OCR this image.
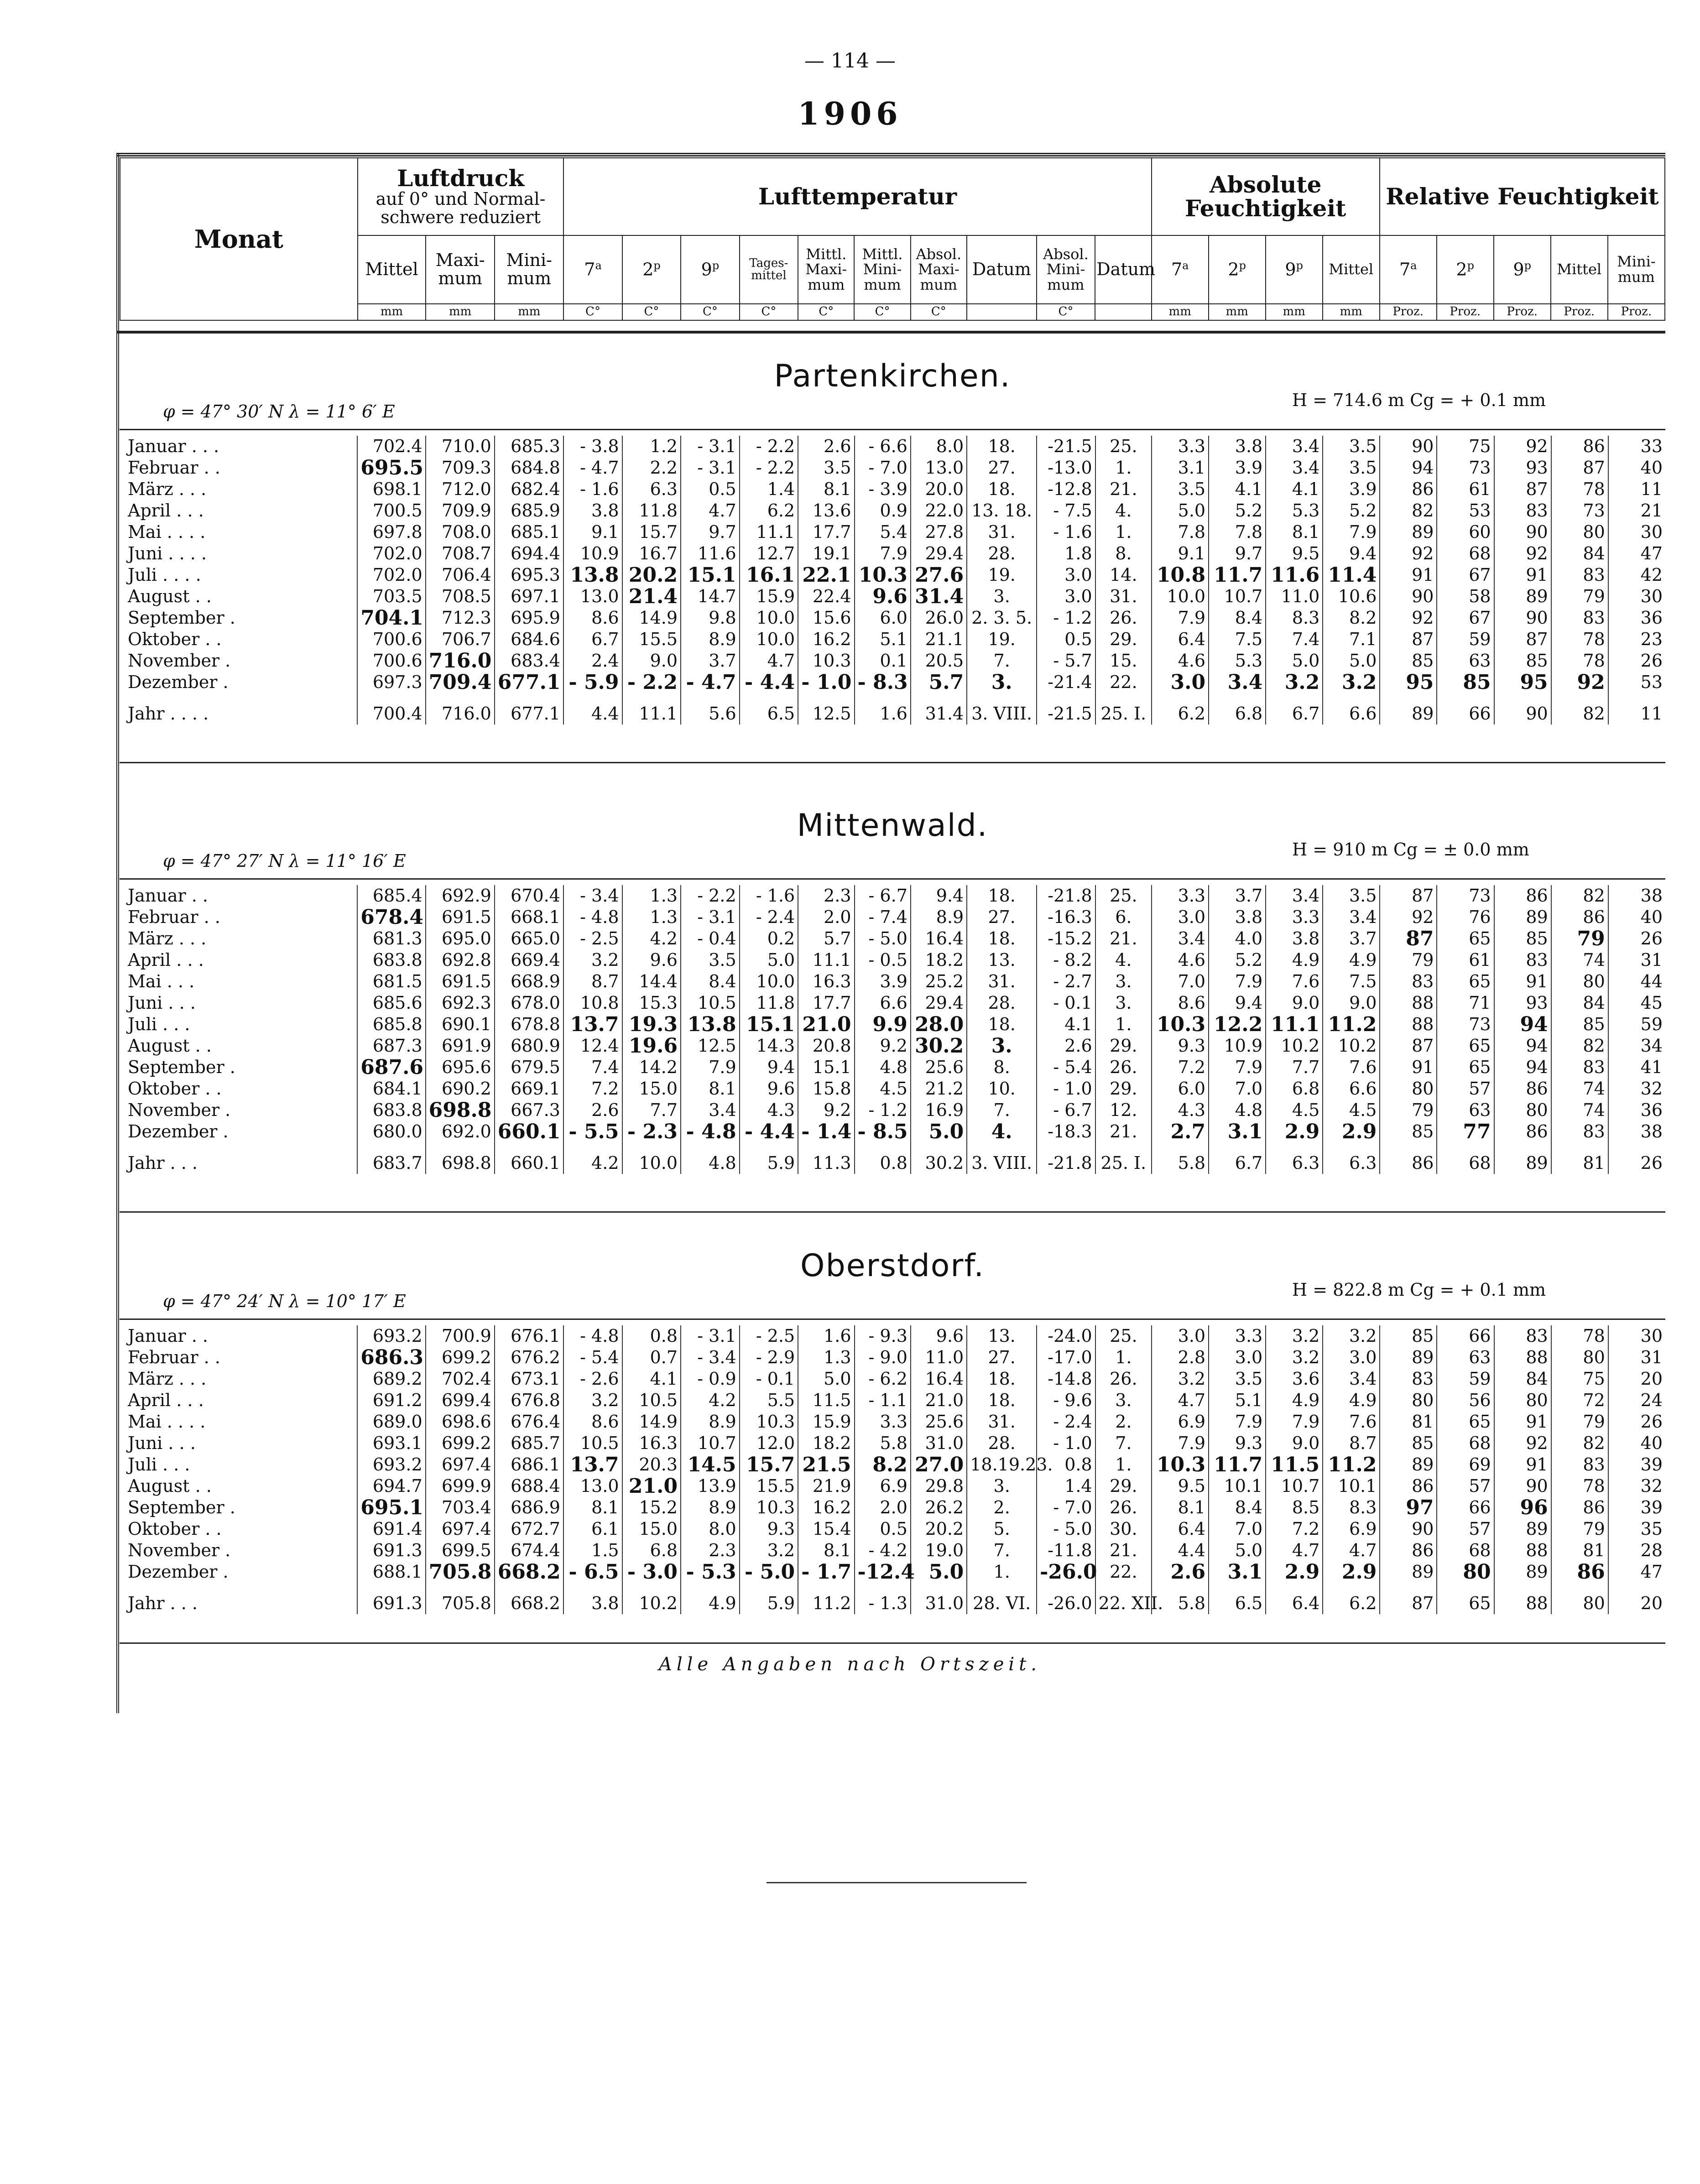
— 114 —
1906
Monat	Luftdruck
auf 0° und Normal-
schwere reduziert			Lufttemperatur										Absolute Feuchtigkeit				Relative Feuchtigkeit				
	Mittel	Maxi-mum	Mini-mum	7$^a$	2$^p$	9$^p$	Tages-mittel	Mittl. Maxi-mum	Mittl. Mini-mum	Absol. Maxi-mum	Datum	Absol. Mini-mum	Datum	7$^a$	2$^p$	9$^p$	Mittel	7$^a$	2$^p$	9$^p$	Mittel	Mini-mum
	mm	mm	mm	C°	C°	C°	C°	C°	C°	C°		C°		mm	mm	mm	mm	Proz.	Proz.	Proz.	Proz.	Proz.
Partenkirchen.
φ = 47° 30′ N λ = 11° 6′ E
H = 714.6 m Cg = + 0.1 mm
Januar . . .	702.4	710.0	685.3	- 3.8	1.2	- 3.1	- 2.2	2.6	- 6.6	8.0	18.	-21.5	25.	3.3	3.8	3.4	3.5	90	75	92	86	33
Februar . .	695.5	709.3	684.8	- 4.7	2.2	- 3.1	- 2.2	3.5	- 7.0	13.0	27.	-13.0	1.	3.1	3.9	3.4	3.5	94	73	93	87	40
März . . .	698.1	712.0	682.4	- 1.6	6.3	0.5	1.4	8.1	- 3.9	20.0	18.	-12.8	21.	3.5	4.1	4.1	3.9	86	61	87	78	11
April . . .	700.5	709.9	685.9	3.8	11.8	4.7	6.2	13.6	0.9	22.0	13. 18.	- 7.5	4.	5.0	5.2	5.3	5.2	82	53	83	73	21
Mai . . . .	697.8	708.0	685.1	9.1	15.7	9.7	11.1	17.7	5.4	27.8	31.	- 1.6	1.	7.8	7.8	8.1	7.9	89	60	90	80	30
Juni . . . .	702.0	708.7	694.4	10.9	16.7	11.6	12.7	19.1	7.9	29.4	28.	1.8	8.	9.1	9.7	9.5	9.4	92	68	92	84	47
Juli . . . .	702.0	706.4	695.3	13.8	20.2	15.1	16.1	22.1	10.3	27.6	19.	3.0	14.	10.8	11.7	11.6	11.4	91	67	91	83	42
August . .	703.5	708.5	697.1	13.0	21.4	14.7	15.9	22.4	9.6	31.4	3.	3.0	31.	10.0	10.7	11.0	10.6	90	58	89	79	30
September .	704.1	712.3	695.9	8.6	14.9	9.8	10.0	15.6	6.0	26.0	2. 3. 5.	- 1.2	26.	7.9	8.4	8.3	8.2	92	67	90	83	36
Oktober . .	700.6	706.7	684.6	6.7	15.5	8.9	10.0	16.2	5.1	21.1	19.	0.5	29.	6.4	7.5	7.4	7.1	87	59	87	78	23
November .	700.6	716.0	683.4	2.4	9.0	3.7	4.7	10.3	0.1	20.5	7.	- 5.7	15.	4.6	5.3	5.0	5.0	85	63	85	78	26
Dezember .	697.3	709.4	677.1	- 5.9	- 2.2	- 4.7	- 4.4	- 1.0	- 8.3	5.7	3.	-21.4	22.	3.0	3.4	3.2	3.2	95	85	95	92	53
Jahr . . . .	700.4	716.0	677.1	4.4	11.1	5.6	6.5	12.5	1.6	31.4	3. VIII.	-21.5	25. I.	6.2	6.8	6.7	6.6	89	66	90	82	11
Mittenwald.
φ = 47° 27′ N λ = 11° 16′ E
H = 910 m Cg = ± 0.0 mm
Januar . .	685.4	692.9	670.4	- 3.4	1.3	- 2.2	- 1.6	2.3	- 6.7	9.4	18.	-21.8	25.	3.3	3.7	3.4	3.5	87	73	86	82	38
Februar . .	678.4	691.5	668.1	- 4.8	1.3	- 3.1	- 2.4	2.0	- 7.4	8.9	27.	-16.3	6.	3.0	3.8	3.3	3.4	92	76	89	86	40
März . . .	681.3	695.0	665.0	- 2.5	4.2	- 0.4	0.2	5.7	- 5.0	16.4	18.	-15.2	21.	3.4	4.0	3.8	3.7	87	65	85	79	26
April . . .	683.8	692.8	669.4	3.2	9.6	3.5	5.0	11.1	- 0.5	18.2	13.	- 8.2	4.	4.6	5.2	4.9	4.9	79	61	83	74	31
Mai . . .	681.5	691.5	668.9	8.7	14.4	8.4	10.0	16.3	3.9	25.2	31.	- 2.7	3.	7.0	7.9	7.6	7.5	83	65	91	80	44
Juni . . .	685.6	692.3	678.0	10.8	15.3	10.5	11.8	17.7	6.6	29.4	28.	- 0.1	3.	8.6	9.4	9.0	9.0	88	71	93	84	45
Juli . . .	685.8	690.1	678.8	13.7	19.3	13.8	15.1	21.0	9.9	28.0	18.	4.1	1.	10.3	12.2	11.1	11.2	88	73	94	85	59
August . .	687.3	691.9	680.9	12.4	19.6	12.5	14.3	20.8	9.2	30.2	3.	2.6	29.	9.3	10.9	10.2	10.2	87	65	94	82	34
September .	687.6	695.6	679.5	7.4	14.2	7.9	9.4	15.1	4.8	25.6	8.	- 5.4	26.	7.2	7.9	7.7	7.6	91	65	94	83	41
Oktober . .	684.1	690.2	669.1	7.2	15.0	8.1	9.6	15.8	4.5	21.2	10.	- 1.0	29.	6.0	7.0	6.8	6.6	80	57	86	74	32
November .	683.8	698.8	667.3	2.6	7.7	3.4	4.3	9.2	- 1.2	16.9	7.	- 6.7	12.	4.3	4.8	4.5	4.5	79	63	80	74	36
Dezember .	680.0	692.0	660.1	- 5.5	- 2.3	- 4.8	- 4.4	- 1.4	- 8.5	5.0	4.	-18.3	21.	2.7	3.1	2.9	2.9	85	77	86	83	38
Jahr . . .	683.7	698.8	660.1	4.2	10.0	4.8	5.9	11.3	0.8	30.2	3. VIII.	-21.8	25. I.	5.8	6.7	6.3	6.3	86	68	89	81	26
Oberstdorf.
φ = 47° 24′ N λ = 10° 17′ E
H = 822.8 m Cg = + 0.1 mm
Januar . .	693.2	700.9	676.1	- 4.8	0.8	- 3.1	- 2.5	1.6	- 9.3	9.6	13.	-24.0	25.	3.0	3.3	3.2	3.2	85	66	83	78	30
Februar . .	686.3	699.2	676.2	- 5.4	0.7	- 3.4	- 2.9	1.3	- 9.0	11.0	27.	-17.0	1.	2.8	3.0	3.2	3.0	89	63	88	80	31
März . . .	689.2	702.4	673.1	- 2.6	4.1	- 0.9	- 0.1	5.0	- 6.2	16.4	18.	-14.8	26.	3.2	3.5	3.6	3.4	83	59	84	75	20
April . . .	691.2	699.4	676.8	3.2	10.5	4.2	5.5	11.5	- 1.1	21.0	18.	- 9.6	3.	4.7	5.1	4.9	4.9	80	56	80	72	24
Mai . . . .	689.0	698.6	676.4	8.6	14.9	8.9	10.3	15.9	3.3	25.6	31.	- 2.4	2.	6.9	7.9	7.9	7.6	81	65	91	79	26
Juni . . .	693.1	699.2	685.7	10.5	16.3	10.7	12.0	18.2	5.8	31.0	28.	- 1.0	7.	7.9	9.3	9.0	8.7	85	68	92	82	40
Juli . . .	693.2	697.4	686.1	13.7	20.3	14.5	15.7	21.5	8.2	27.0	18.19.23.	0.8	1.	10.3	11.7	11.5	11.2	89	69	91	83	39
August . .	694.7	699.9	688.4	13.0	21.0	13.9	15.5	21.9	6.9	29.8	3.	1.4	29.	9.5	10.1	10.7	10.1	86	57	90	78	32
September .	695.1	703.4	686.9	8.1	15.2	8.9	10.3	16.2	2.0	26.2	2.	- 7.0	26.	8.1	8.4	8.5	8.3	97	66	96	86	39
Oktober . .	691.4	697.4	672.7	6.1	15.0	8.0	9.3	15.4	0.5	20.2	5.	- 5.0	30.	6.4	7.0	7.2	6.9	90	57	89	79	35
November .	691.3	699.5	674.4	1.5	6.8	2.3	3.2	8.1	- 4.2	19.0	7.	-11.8	21.	4.4	5.0	4.7	4.7	86	68	88	81	28
Dezember .	688.1	705.8	668.2	- 6.5	- 3.0	- 5.3	- 5.0	- 1.7	-12.4	5.0	1.	-26.0	22.	2.6	3.1	2.9	2.9	89	80	89	86	47
Jahr . . .	691.3	705.8	668.2	3.8	10.2	4.9	5.9	11.2	- 1.3	31.0	28. VI.	-26.0	22. XII.	5.8	6.5	6.4	6.2	87	65	88	80	20
Alle Angaben nach Ortszeit.
